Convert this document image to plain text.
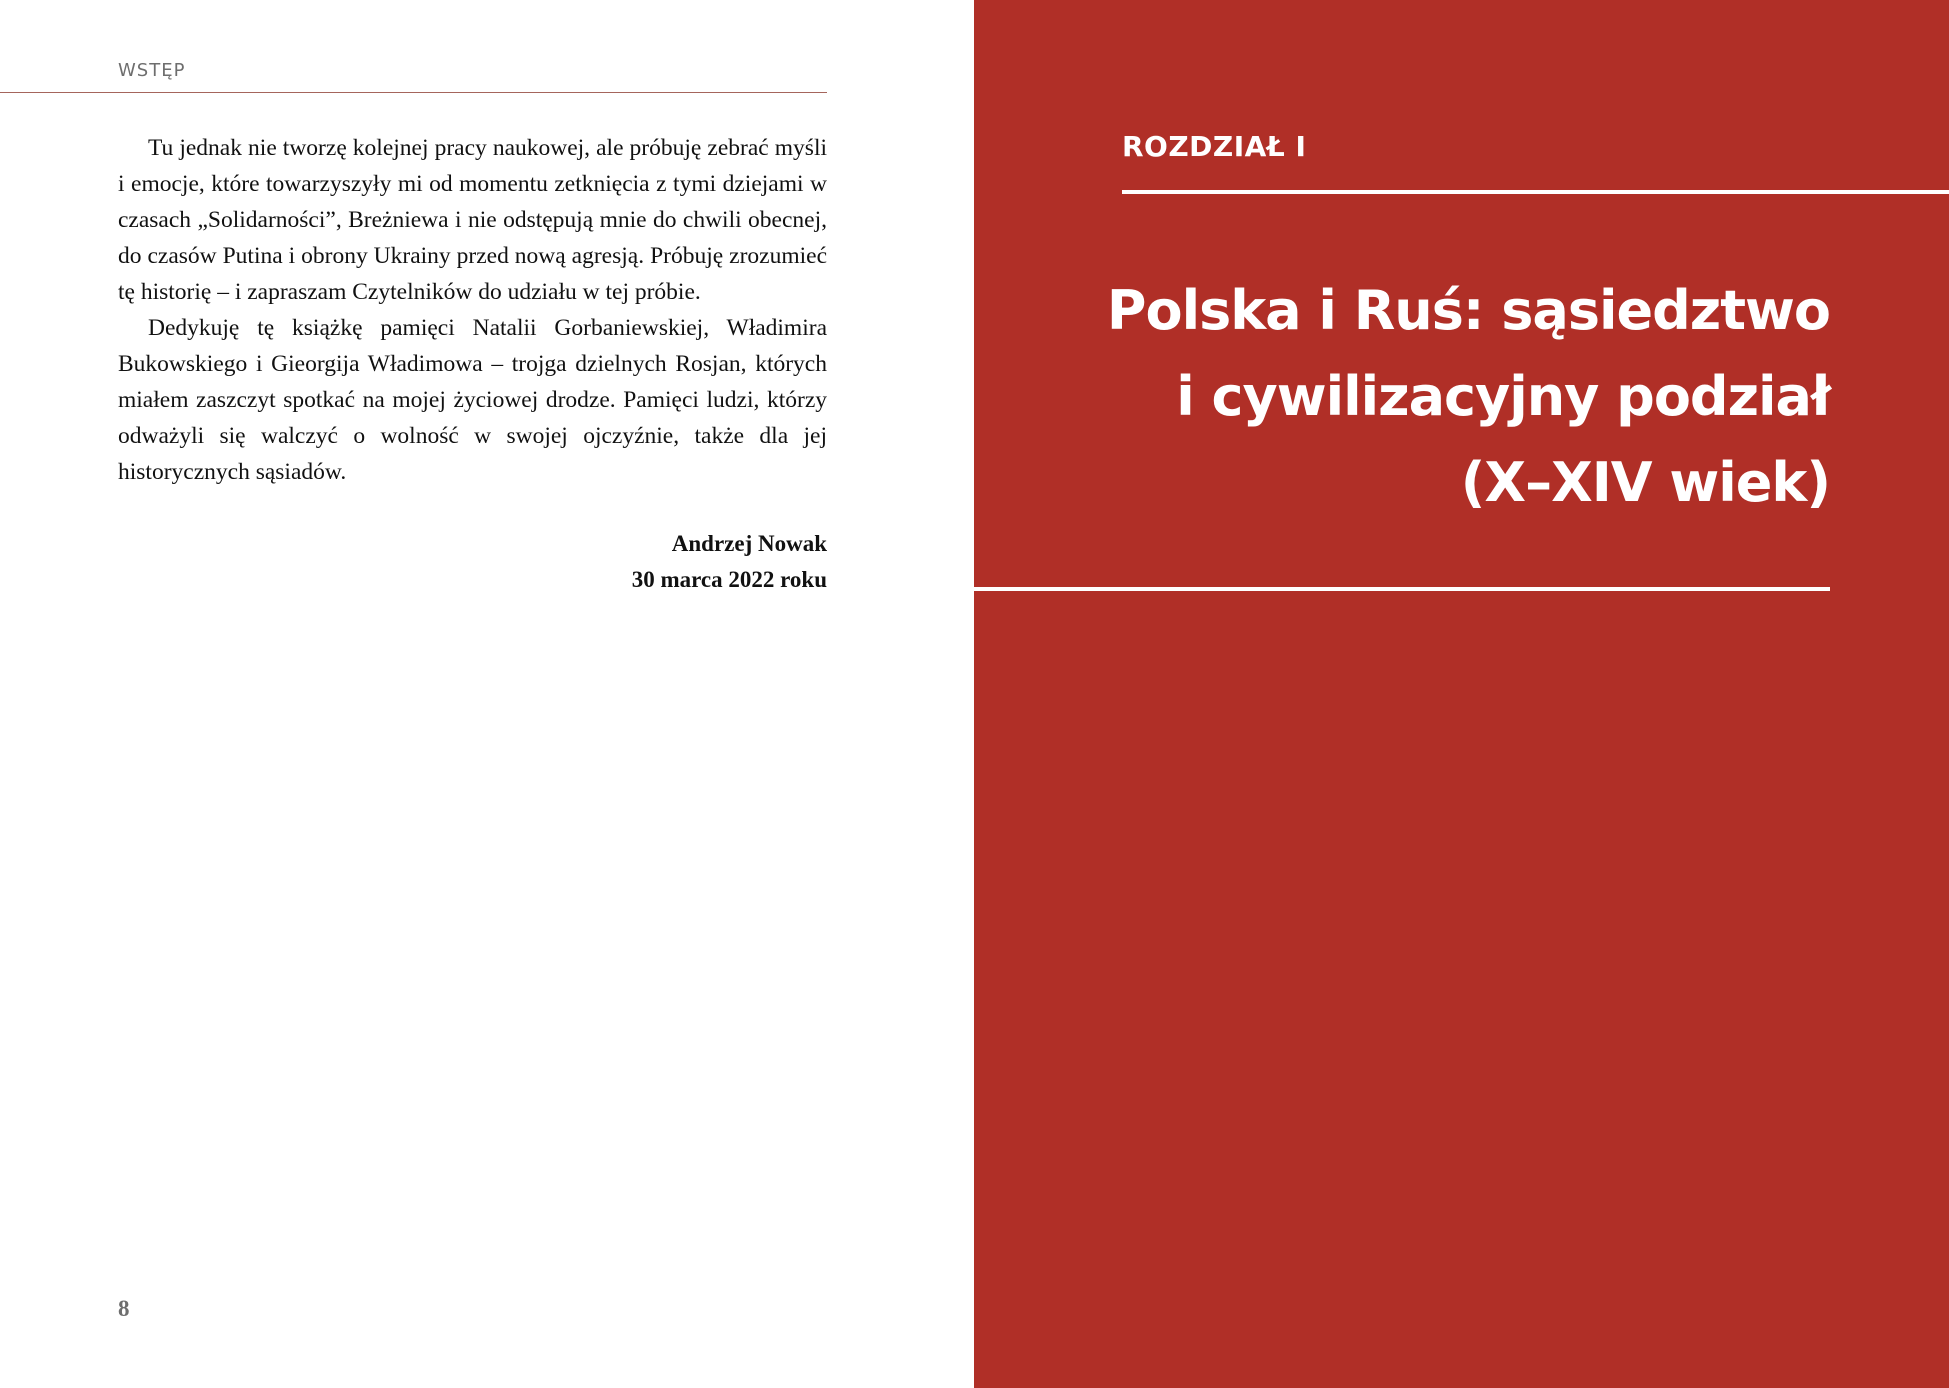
WSTĘP

Tu jednak nie tworzę kolejnej pracy naukowej, ale próbuję zebrać myśli i emocje, które towarzyszyły mi od momentu zetknięcia z tymi dziejami w czasach „Solidarności”, Breżniewa i nie odstępują mnie do chwili obecnej, do czasów Putina i obrony Ukrainy przed nową agresją. Próbuję zrozumieć tę historię – i zapraszam Czytelników do udziału w tej próbie.

Dedykuję tę książkę pamięci Natalii Gorbaniewskiej, Władimira Bukowskiego i Gieorgija Władimowa – trojga dzielnych Rosjan, których miałem zaszczyt spotkać na mojej życiowej drodze. Pamięci ludzi, którzy odważyli się walczyć o wolność w swojej ojczyźnie, także dla jej historycznych sąsiadów.

Andrzej Nowak
30 marca 2022 roku
8
ROZDZIAŁ I
Polska i Ruś: sąsiedztwo
i cywilizacyjny podział
(X–XIV wiek)
